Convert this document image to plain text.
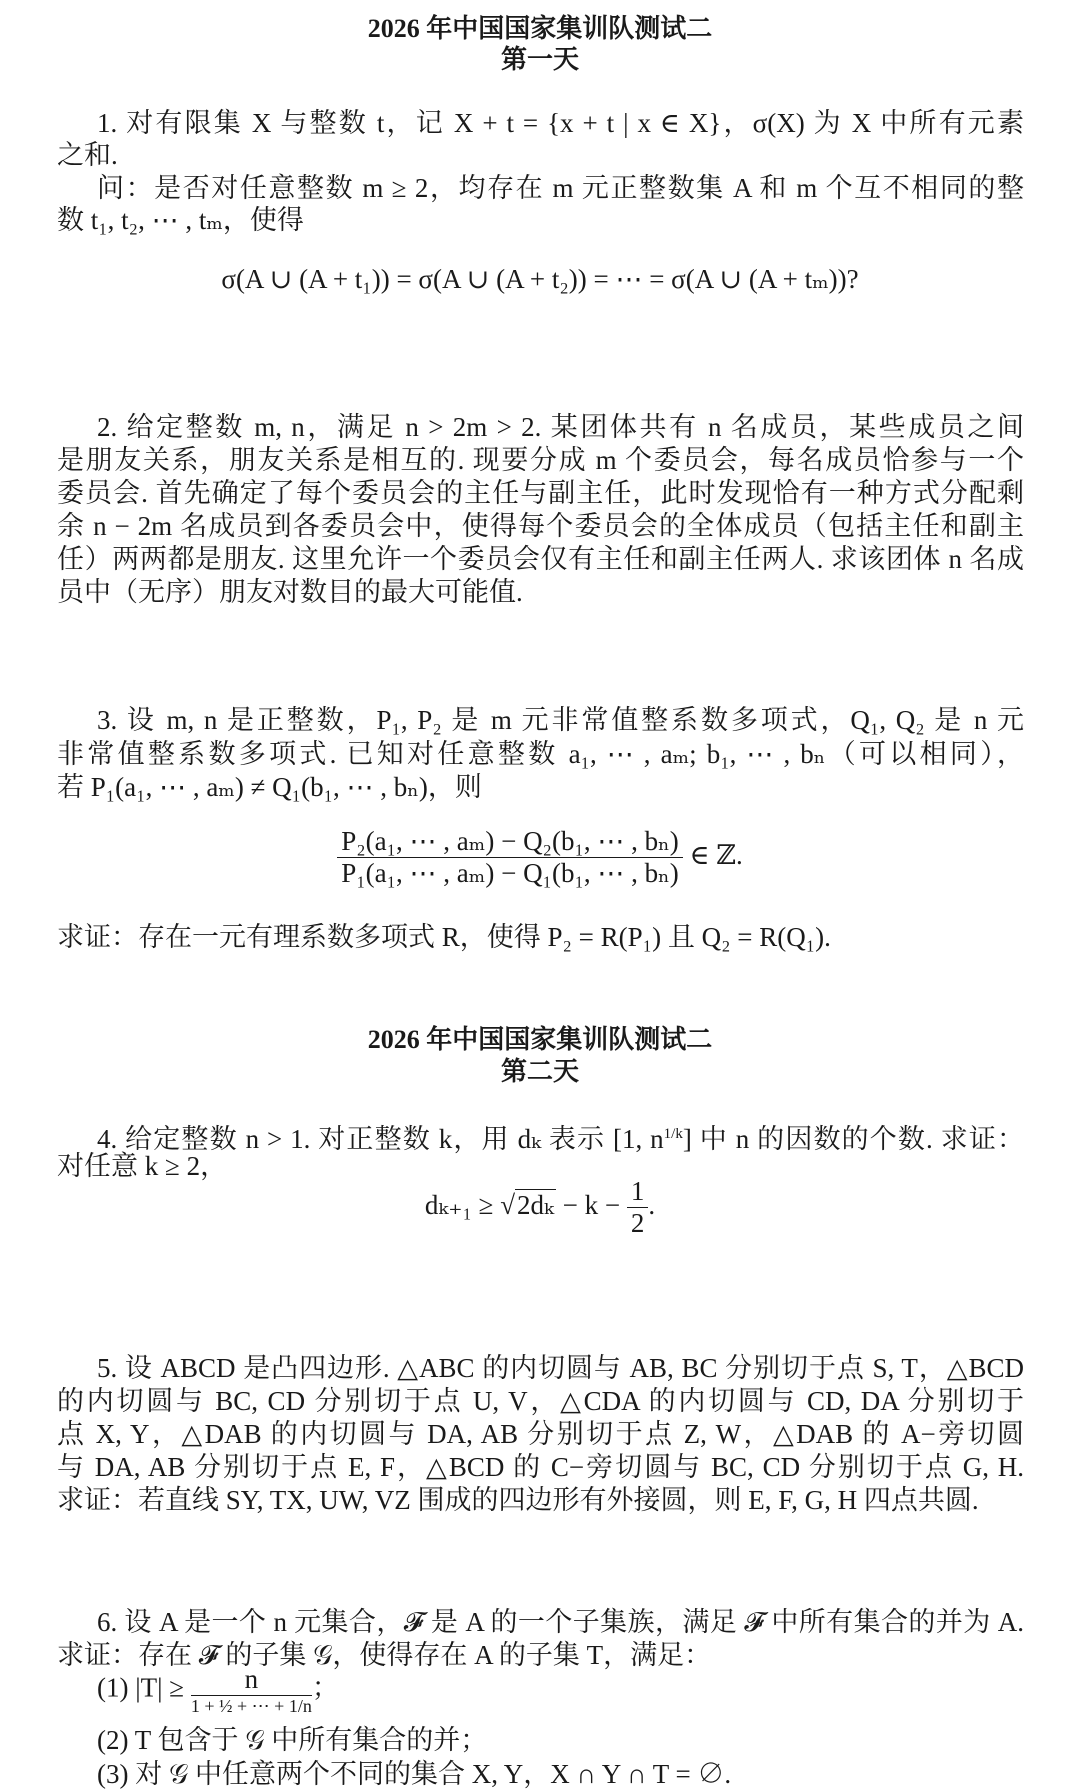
2026 年中国国家集训队测试二
第一天
1. 对有限集 X 与整数 t，记 X + t = {x + t | x ∈ X}，σ(X) 为 X 中所有元素
之和.
问：是否对任意整数 m ≥ 2，均存在 m 元正整数集 A 和 m 个互不相同的整
数 t₁, t₂, ⋯ , tₘ，使得
σ(A ∪ (A + t₁)) = σ(A ∪ (A + t₂)) = ⋯ = σ(A ∪ (A + tₘ))?
2. 给定整数 m, n，满足 n > 2m > 2. 某团体共有 n 名成员，某些成员之间
是朋友关系，朋友关系是相互的. 现要分成 m 个委员会，每名成员恰参与一个
委员会. 首先确定了每个委员会的主任与副主任，此时发现恰有一种方式分配剩
余 n − 2m 名成员到各委员会中，使得每个委员会的全体成员（包括主任和副主
任）两两都是朋友. 这里允许一个委员会仅有主任和副主任两人. 求该团体 n 名成
员中（无序）朋友对数目的最大可能值.
3. 设 m, n 是正整数，P₁, P₂ 是 m 元非常值整系数多项式，Q₁, Q₂ 是 n 元
非常值整系数多项式. 已知对任意整数 a₁, ⋯ , aₘ; b₁, ⋯ , bₙ（可以相同），
若 P₁(a₁, ⋯ , aₘ) ≠ Q₁(b₁, ⋯ , bₙ)，则
$\frac{\text{P₂(a₁, ⋯ , aₘ) − Q₂(b₁, ⋯ , bₙ)}}{\text{P₁(a₁, ⋯ , aₘ) − Q₁(b₁, ⋯ , bₙ)}}$ ∈ ℤ.
求证：存在一元有理系数多项式 R，使得 P₂ = R(P₁) 且 Q₂ = R(Q₁).
2026 年中国国家集训队测试二
第二天
4. 给定整数 n > 1. 对正整数 k，用 dₖ 表示 [1, $n^{1/k}$] 中 n 的因数的个数. 求证：
对任意 k ≥ 2，
$d_{k+1} \ge √2d_k - k - \frac{1}{2}$ .
5. 设 ABCD 是凸四边形. △ABC 的内切圆与 AB, BC 分别切于点 S, T，△BCD
的内切圆与 BC, CD 分别切于点 U, V，△CDA 的内切圆与 CD, DA 分别切于
点 X, Y，△DAB 的内切圆与 DA, AB 分别切于点 Z, W，△DAB 的 A−旁切圆
与 DA, AB 分别切于点 E, F，△BCD 的 C−旁切圆与 BC, CD 分别切于点 G, H.
求证：若直线 SY, TX, UW, VZ 围成的四边形有外接圆，则 E, F, G, H 四点共圆.
6. 设 A 是一个 n 元集合，𝓕 是 A 的一个子集族，满足 𝓕 中所有集合的并为 A.
求证：存在 𝓕 的子集 𝒢，使得存在 A 的子集 T，满足：
(1) $|T| \ge \frac{n}{\text{1 + ½ + ⋯ + 1/n}}$ ；
(2) T 包含于 𝒢 中所有集合的并；
(3) 对 𝒢 中任意两个不同的集合 X, Y，X ∩ Y ∩ T = ∅.
